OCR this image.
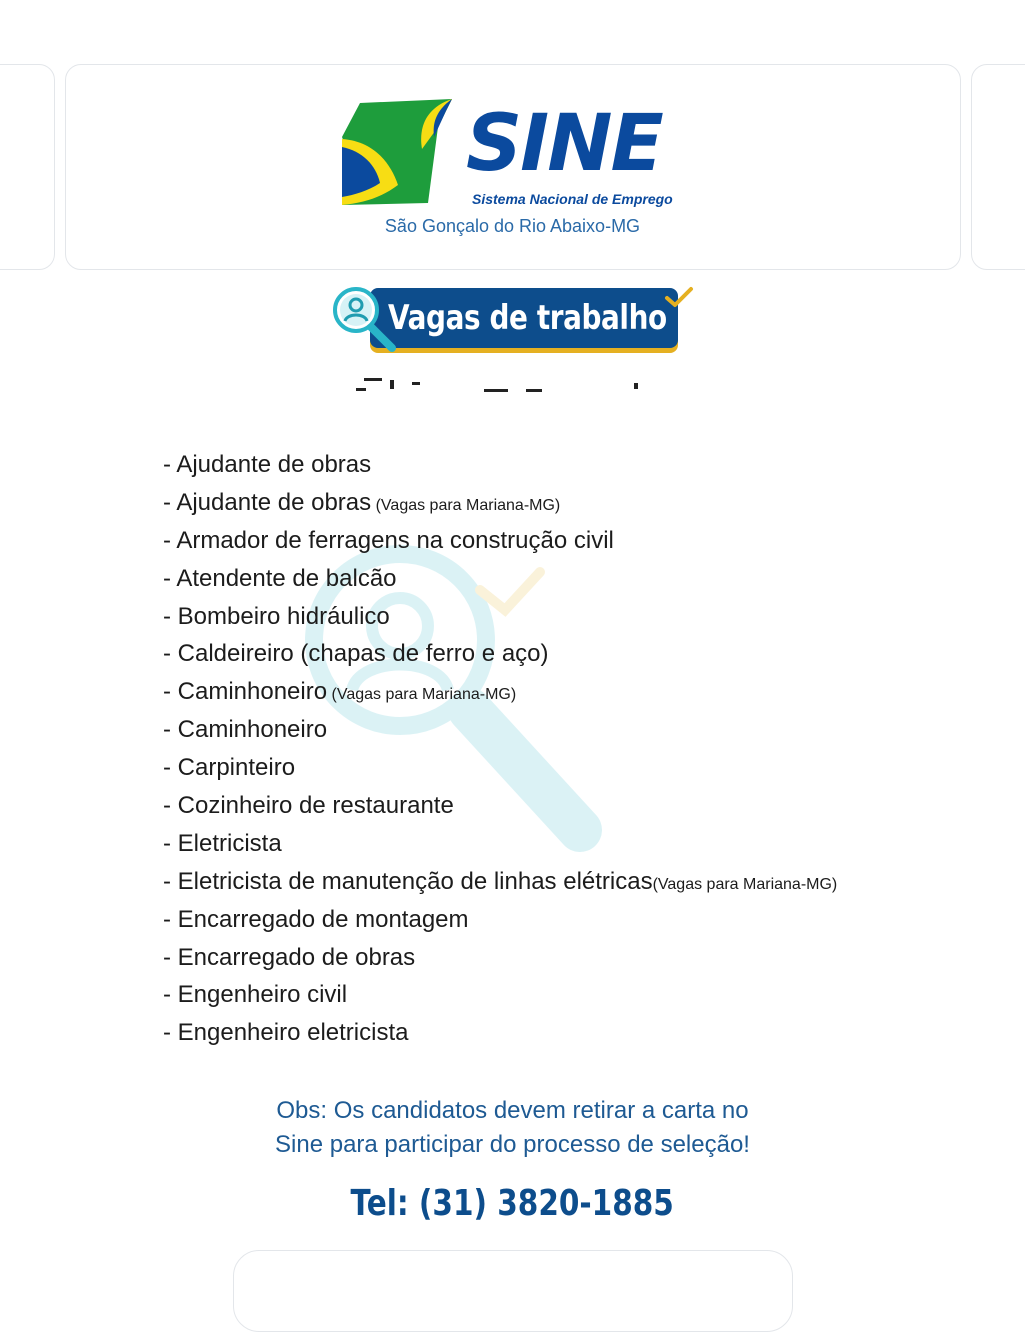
SINE
Sistema Nacional de Emprego
São Gonçalo do Rio Abaixo-MG
Vagas de trabalho
- Ajudante de obras
- Ajudante de obras (Vagas para Mariana-MG)
- Armador de ferragens na construção civil
- Atendente de balcão
- Bombeiro hidráulico
- Caldeireiro (chapas de ferro e aço)
- Caminhoneiro (Vagas para Mariana-MG)
- Caminhoneiro
- Carpinteiro
- Cozinheiro de restaurante
- Eletricista
- Eletricista de manutenção de linhas elétricas(Vagas para Mariana-MG)
- Encarregado de montagem
- Encarregado de obras
- Engenheiro civil
- Engenheiro eletricista
Obs: Os candidatos devem retirar a carta no
Sine para participar do processo de seleção!
Tel: (31) 3820-1885
